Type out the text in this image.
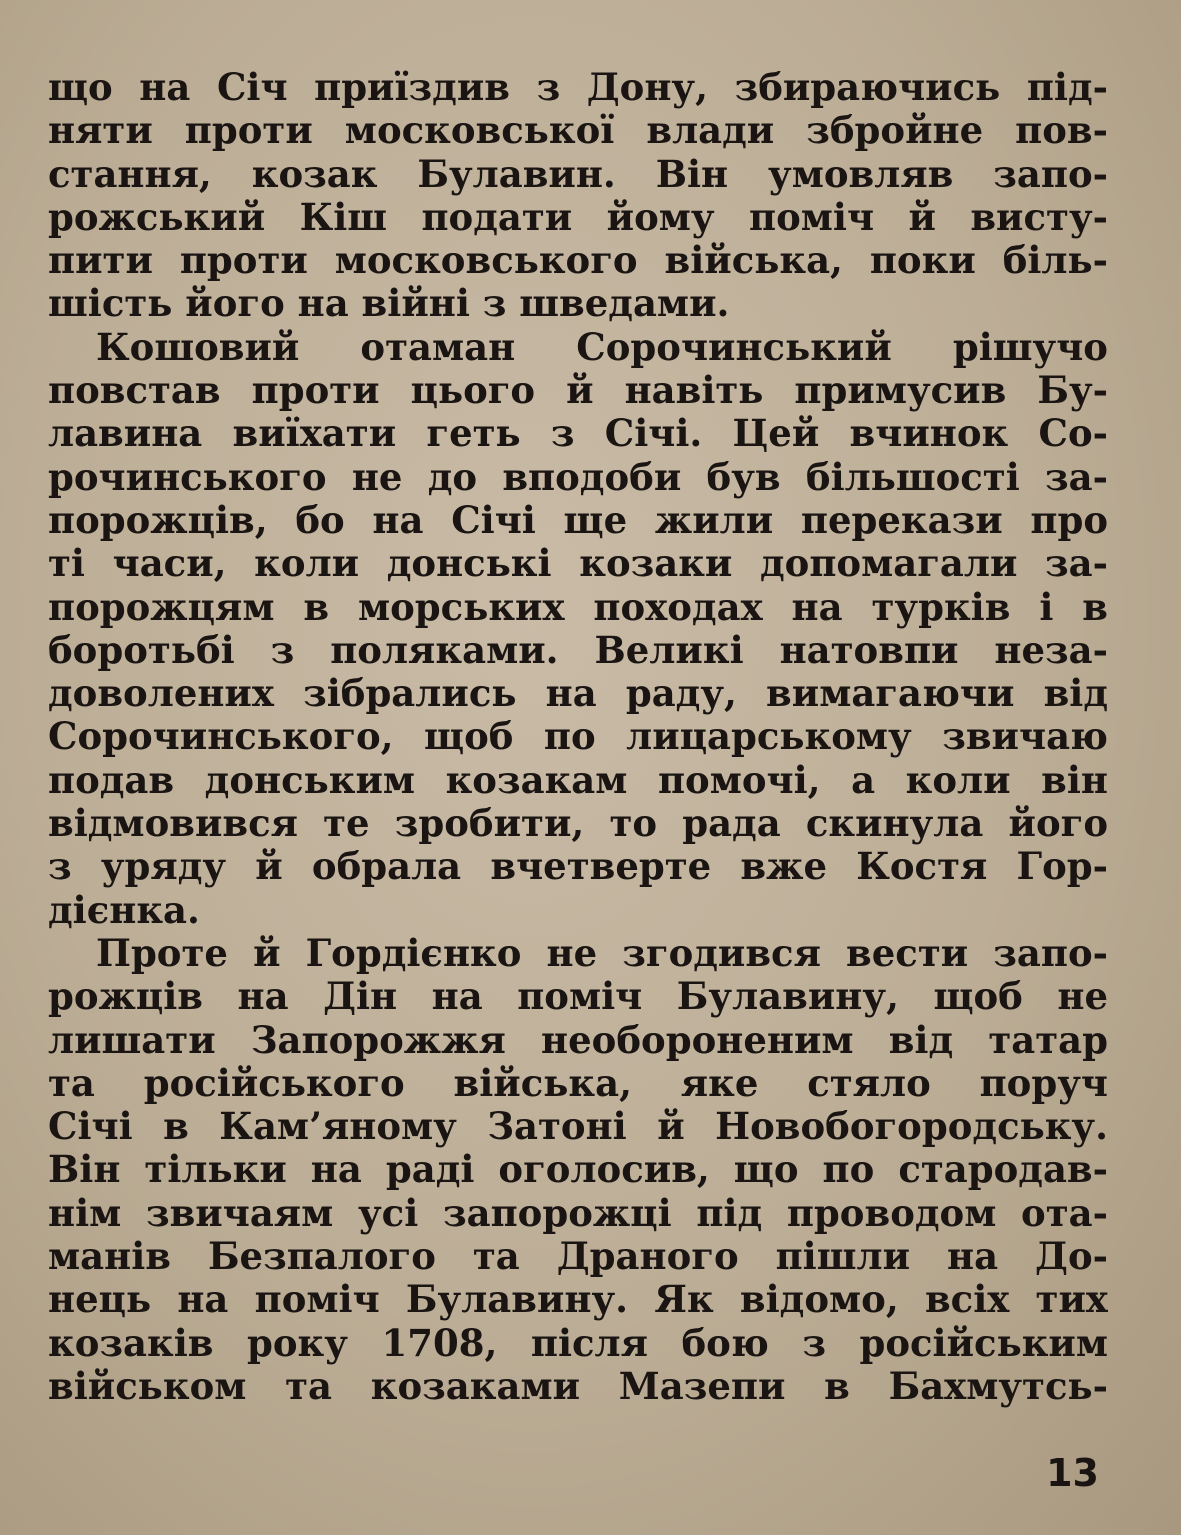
що на Січ приїздив з Дону, збираючись під-
няти проти московської влади збройне пов-
стання, козак Булавин. Він умовляв запо-
рожський Кіш подати йому поміч й висту-
пити проти московського війська, поки біль-
шість його на війні з шведами.
Кошовий отаман Сорочинський рішучо
повстав проти цього й навіть примусив Бу-
лавина виїхати геть з Січі. Цей вчинок Со-
рочинського не до вподоби був більшості за-
порожців, бо на Січі ще жили перекази про
ті часи, коли донські козаки допомагали за-
порожцям в морських походах на турків і в
боротьбі з поляками. Великі натовпи неза-
доволених зібрались на раду, вимагаючи від
Сорочинського, щоб по лицарському звичаю
подав донським козакам помочі, а коли він
відмовився те зробити, то рада скинула його
з уряду й обрала вчетверте вже Костя Гор-
дієнка.
Проте й Гордієнко не згодився вести запо-
рожців на Дін на поміч Булавину, щоб не
лишати Запорожжя необороненим від татар
та російського війська, яке стяло поруч
Січі в Кам’яному Затоні й Новобогородську.
Він тільки на раді оголосив, що по стародав-
нім звичаям усі запорожці під проводом ота-
манів Безпалого та Драного пішли на До-
нець на поміч Булавину. Як відомо, всіх тих
козаків року 1708, після бою з російським
військом та козаками Мазепи в Бахмутсь-
13
